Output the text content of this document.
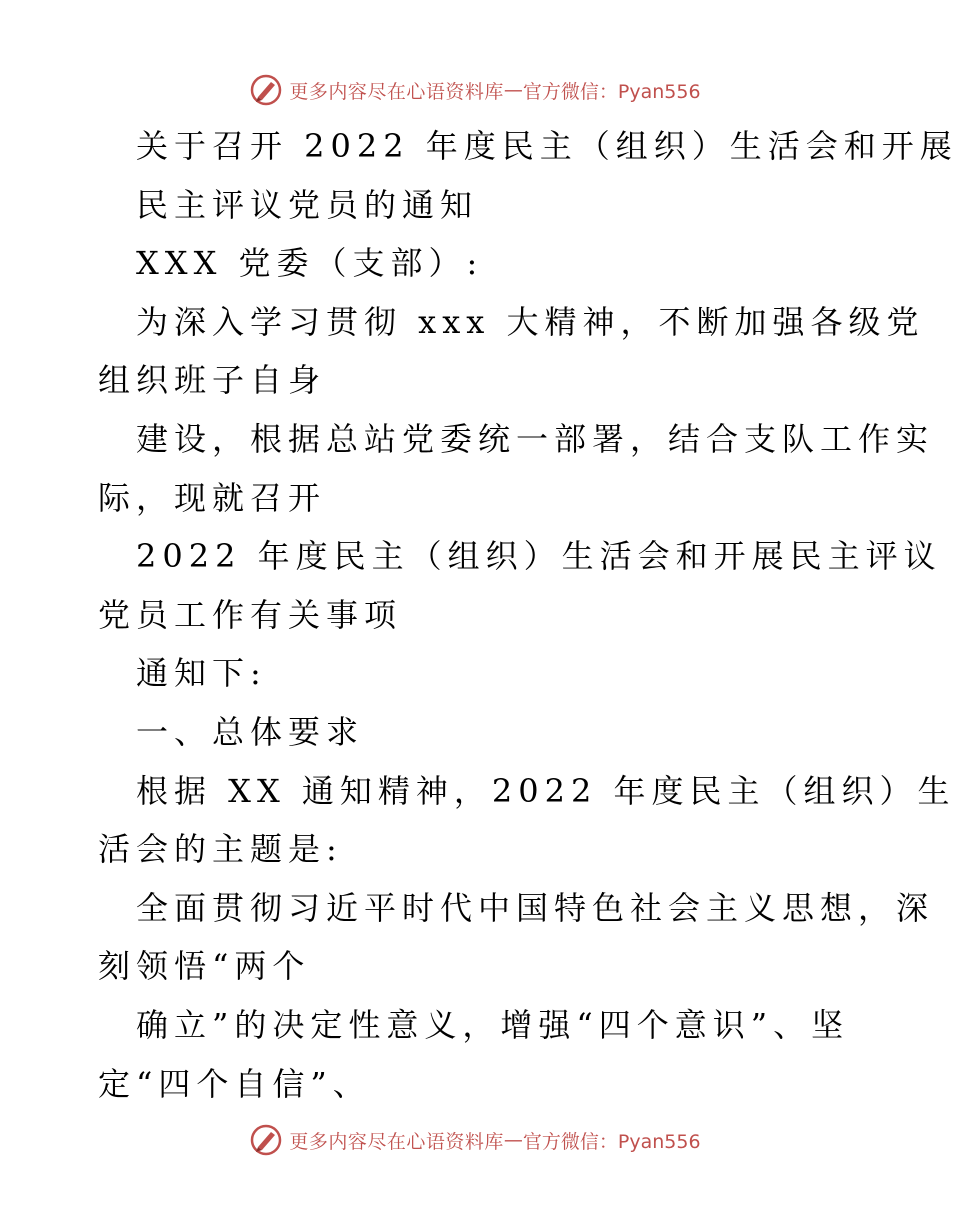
更多内容尽在心语资料库 — 官方微信：Pyan556
关于召开 2022 年度民主（组织）生活会和开展
民主评议党员的通知
XXX 党委（支部）:
为深入学习贯彻 xxx 大精神，不断加强各级党
组织班子自身
建设，根据总站党委统一部署，结合支队工作实
际，现就召开
2022 年度民主（组织）生活会和开展民主评议
党员工作有关事项
通知下:
一、总体要求
根据 XX 通知精神，2022 年度民主（组织）生
活会的主题是:
全面贯彻习近平时代中国特色社会主义思想，深
刻领悟“两个
确立”的决定性意义，增强“四个意识”、坚
定“四个自信”、
更多内容尽在心语资料库 — 官方微信：Pyan556
